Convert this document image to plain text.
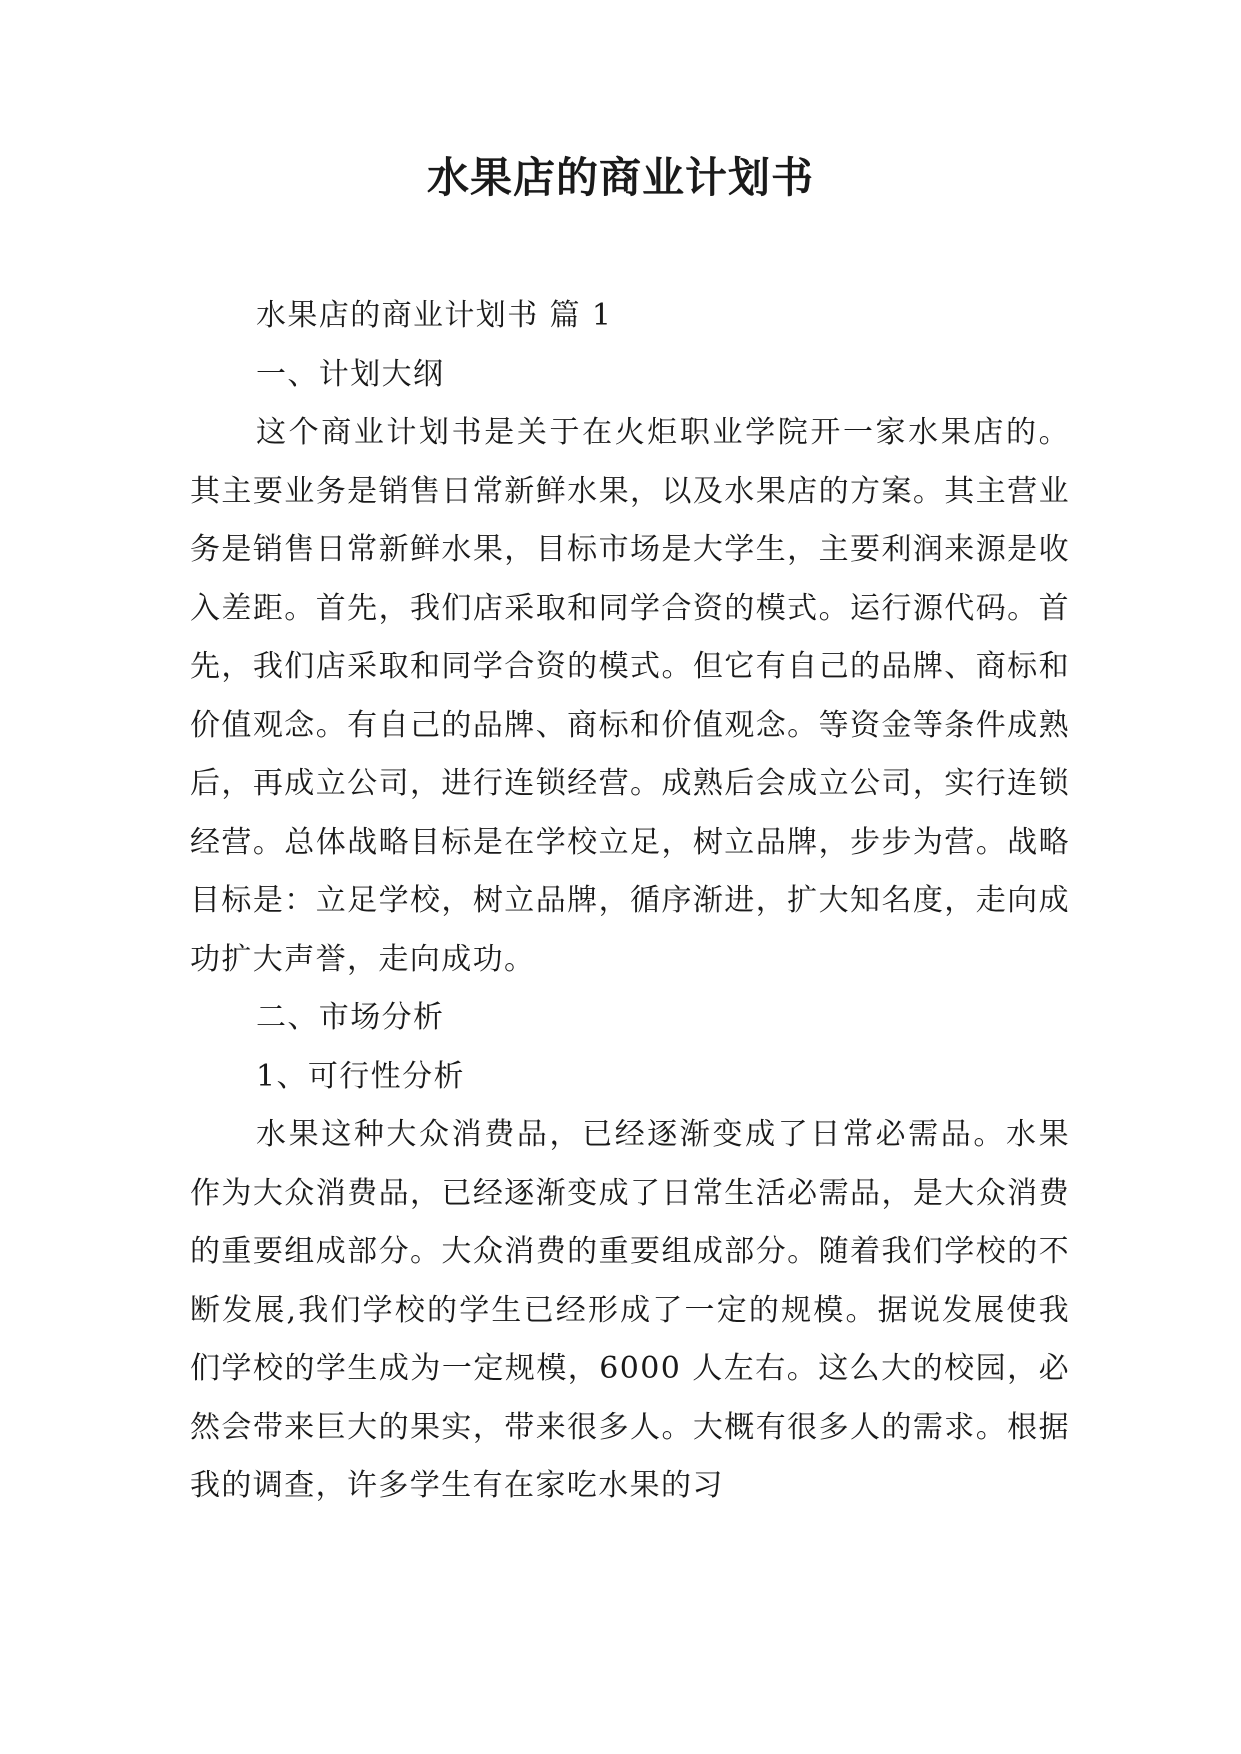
水果店的商业计划书

水果店的商业计划书 篇 1

一、计划大纲

这个商业计划书是关于在火炬职业学院开一家水果店的。其主要业务是销售日常新鲜水果，以及水果店的方案。其主营业务是销售日常新鲜水果，目标市场是大学生，主要利润来源是收入差距。首先，我们店采取和同学合资的模式。运行源代码。首先，我们店采取和同学合资的模式。但它有自己的品牌、商标和价值观念。有自己的品牌、商标和价值观念。等资金等条件成熟后，再成立公司，进行连锁经营。成熟后会成立公司，实行连锁经营。总体战略目标是在学校立足，树立品牌，步步为营。战略目标是：立足学校，树立品牌，循序渐进，扩大知名度，走向成功扩大声誉，走向成功。

二、市场分析

1、可行性分析

水果这种大众消费品，已经逐渐变成了日常必需品。水果作为大众消费品，已经逐渐变成了日常生活必需品，是大众消费的重要组成部分。大众消费的重要组成部分。随着我们学校的不断发展,我们学校的学生已经形成了一定的规模。据说发展使我们学校的学生成为一定规模，6000 人左右。这么大的校园，必然会带来巨大的果实，带来很多人。大概有很多人的需求。根据我的调查，许多学生有在家吃水果的习
